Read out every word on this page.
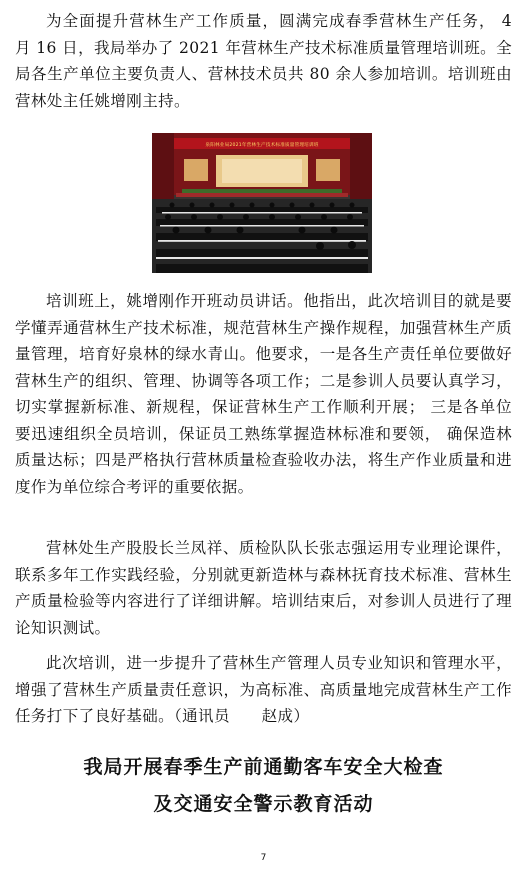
为全面提升营林生产工作质量，圆满完成春季营林生产任务， 4 月 16 日，我局举办了 2021 年营林生产技术标准质量管理培训班。全局各生产单位主要负责人、营林技术员共 80 余人参加培训。培训班由营林处主任姚增刚主持。

泉阳林业局2021年营林生产技术标准质量管理培训班

培训班上，姚增刚作开班动员讲话。他指出，此次培训目的就是要学懂弄通营林生产技术标准，规范营林生产操作规程，加强营林生产质量管理，培育好泉林的绿水青山。他要求，一是各生产责任单位要做好营林生产的组织、管理、协调等各项工作；二是参训人员要认真学习，切实掌握新标准、新规程，保证营林生产工作顺利开展； 三是各单位要迅速组织全员培训，保证员工熟练掌握造林标准和要领， 确保造林质量达标；四是严格执行营林质量检查验收办法，将生产作业质量和进度作为单位综合考评的重要依据。

营林处生产股股长兰凤祥、质检队队长张志强运用专业理论课件，联系多年工作实践经验，分别就更新造林与森林抚育技术标准、营林生产质量检验等内容进行了详细讲解。培训结束后，对参训人员进行了理论知识测试。

此次培训，进一步提升了营林生产管理人员专业知识和管理水平，增强了营林生产质量责任意识，为高标准、高质量地完成营林生产工作任务打下了良好基础。（通讯员　　赵成）

我局开展春季生产前通勤客车安全大检查
及交通安全警示教育活动
7
